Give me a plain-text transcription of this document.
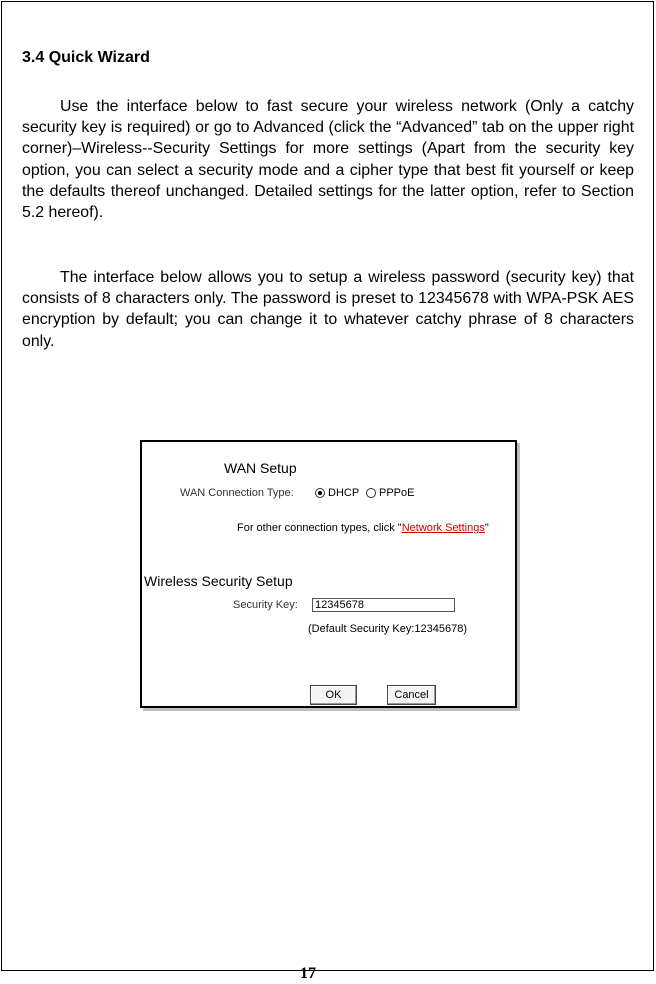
3.4 Quick Wizard

Use the interface below to fast secure your wireless network (Only a catchy security key is required) or go to Advanced (click the “Advanced” tab on the upper right corner)–Wireless--Security Settings for more settings (Apart from the security key option, you can select a security mode and a cipher type that best fit yourself or keep the defaults thereof unchanged. Detailed settings for the latter option, refer to Section 5.2 hereof).

The interface below allows you to setup a wireless password (security key) that consists of 8 characters only. The password is preset to 12345678 with WPA-PSK AES encryption by default; you can change it to whatever catchy phrase of 8 characters only.

WAN Setup
WAN Connection Type:	DHCP PPPoE
For other connection types, click "Network Settings"
Wireless Security Setup
Security Key: 12345678
(Default Security Key:12345678)
OK	Cancel
17
